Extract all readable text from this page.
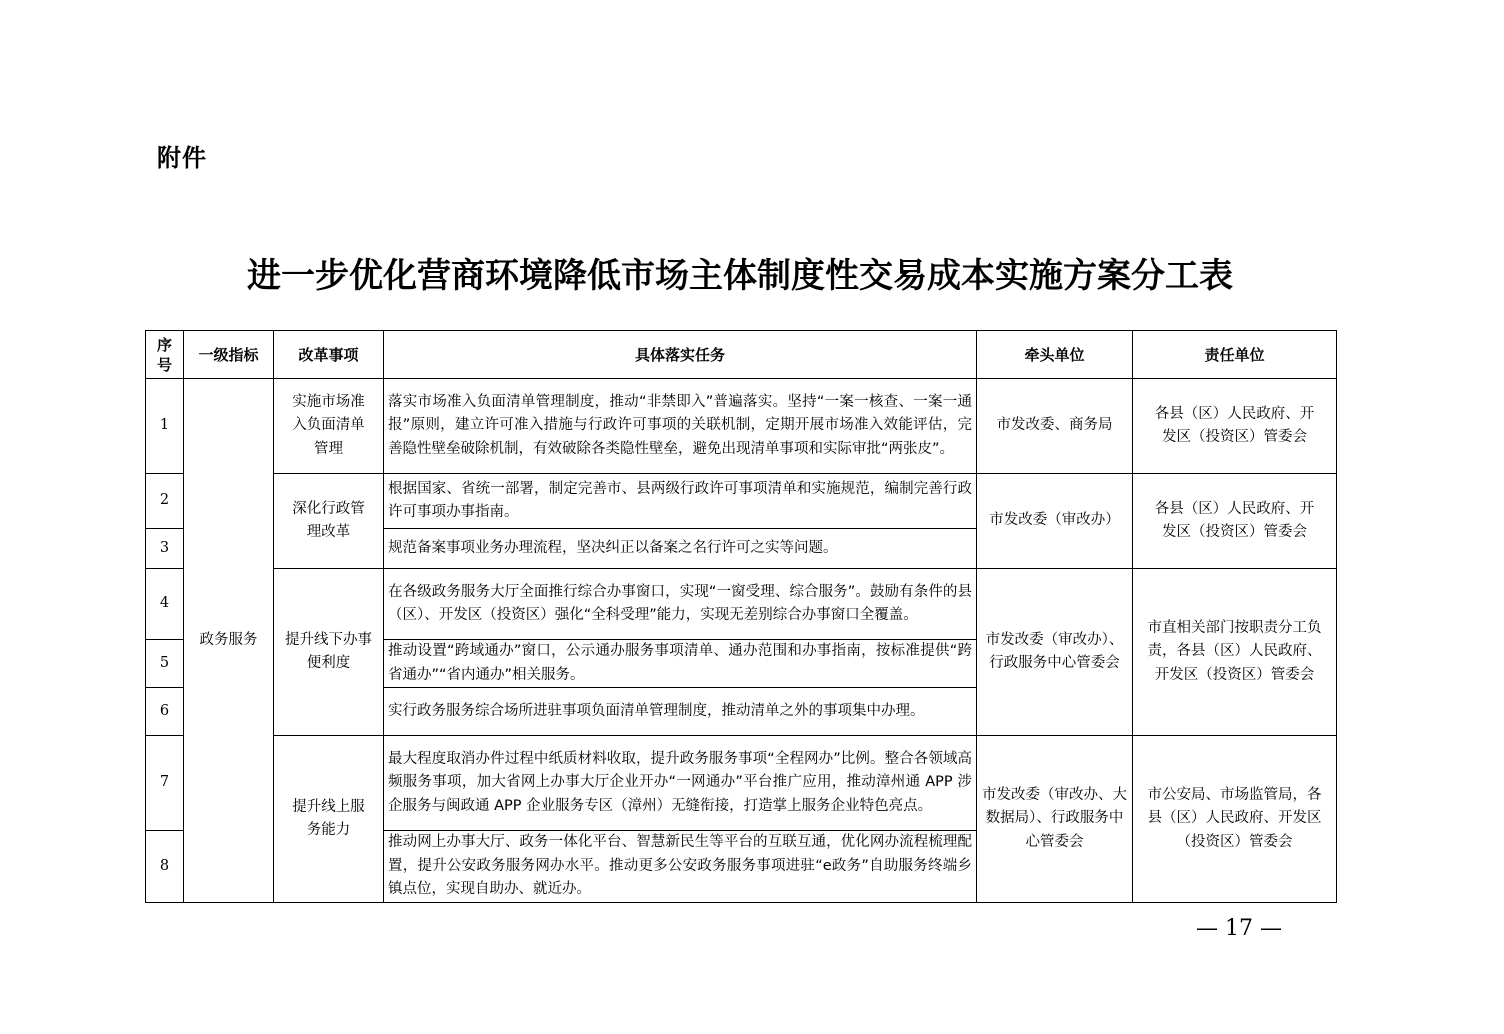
附件
进一步优化营商环境降低市场主体制度性交易成本实施方案分工表
序号	一级指标	改革事项	具体落实任务	牵头单位	责任单位
1	政务服务	实施市场准入负面清单管理	落实市场准入负面清单管理制度，推动“非禁即入”普遍落实。坚持“一案一核查、一案一通报”原则，建立许可准入措施与行政许可事项的关联机制，定期开展市场准入效能评估，完善隐性壁垒破除机制，有效破除各类隐性壁垒，避免出现清单事项和实际审批“两张皮”。	市发改委、商务局	各县（区）人民政府、开发区（投资区）管委会
2		深化行政管理改革	根据国家、省统一部署，制定完善市、县两级行政许可事项清单和实施规范，编制完善行政许可事项办事指南。	市发改委（审改办）	各县（区）人民政府、开发区（投资区）管委会
3			规范备案事项业务办理流程，坚决纠正以备案之名行许可之实等问题。		
4		提升线下办事便利度	在各级政务服务大厅全面推行综合办事窗口，实现“一窗受理、综合服务”。鼓励有条件的县（区）、开发区（投资区）强化“全科受理”能力，实现无差别综合办事窗口全覆盖。	市发改委（审改办）、行政服务中心管委会	市直相关部门按职责分工负责，各县（区）人民政府、开发区（投资区）管委会
5			推动设置“跨域通办”窗口，公示通办服务事项清单、通办范围和办事指南，按标准提供“跨省通办”“省内通办”相关服务。		
6			实行政务服务综合场所进驻事项负面清单管理制度，推动清单之外的事项集中办理。		
7		提升线上服务能力	最大程度取消办件过程中纸质材料收取，提升政务服务事项“全程网办”比例。整合各领域高频服务事项，加大省网上办事大厅企业开办“一网通办”平台推广应用，推动漳州通 APP 涉企服务与闽政通 APP 企业服务专区（漳州）无缝衔接，打造掌上服务企业特色亮点。	市发改委（审改办、大数据局）、行政服务中心管委会	市公安局、市场监管局，各县（区）人民政府、开发区（投资区）管委会
8			推动网上办事大厅、政务一体化平台、智慧新民生等平台的互联互通，优化网办流程梳理配置，提升公安政务服务网办水平。推动更多公安政务服务事项进驻“e政务”自助服务终端乡镇点位，实现自助办、就近办。		
— 17 —
